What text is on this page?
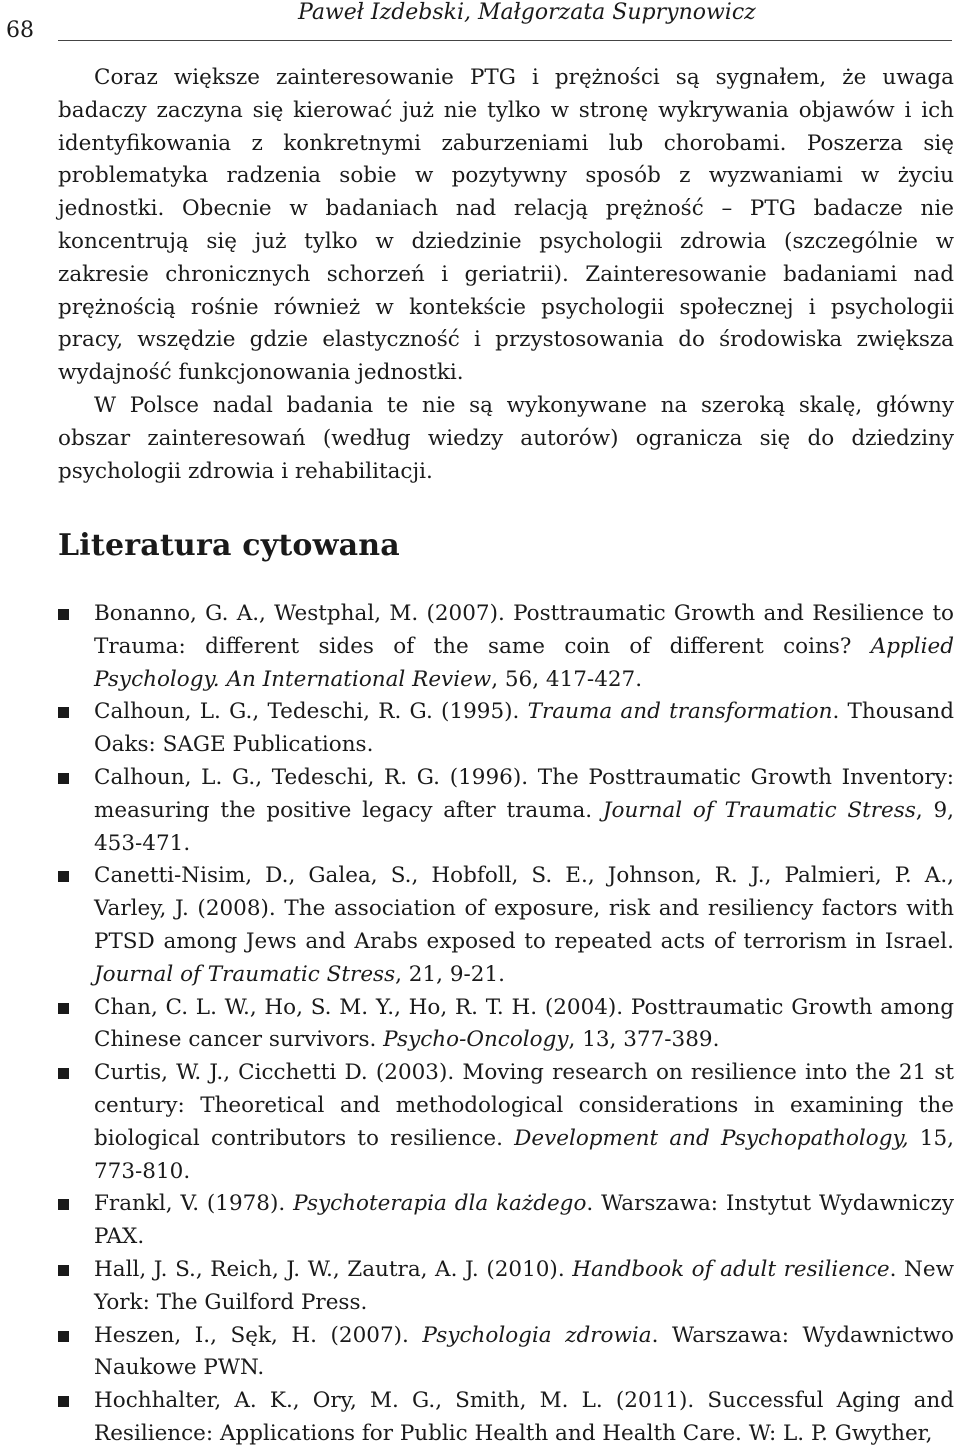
68
Paweł Izdebski, Małgorzata Suprynowicz

Coraz większe zainteresowanie PTG i prężności są sygnałem, że uwaga badaczy zaczyna się kierować już nie tylko w stronę wykrywania objawów i ich identyfikowania z konkretnymi zaburzeniami lub chorobami. Poszerza się problematyka radzenia sobie w pozytywny sposób z wyzwaniami w życiu jednostki. Obecnie w badaniach nad relacją prężność – PTG badacze nie koncentrują się już tylko w dziedzinie psychologii zdrowia (szczególnie w zakresie chronicznych schorzeń i geriatrii). Zainteresowanie badaniami nad prężnością rośnie również w kontekście psychologii społecznej i psychologii pracy, wszędzie gdzie elastyczność i przystosowania do środowiska zwiększa wydajność funkcjonowania jednostki.

W Polsce nadal badania te nie są wykonywane na szeroką skalę, główny obszar zainteresowań (według wiedzy autorów) ogranicza się do dziedziny psychologii zdrowia i rehabilitacji.

Literatura cytowana
Bonanno, G. A., Westphal, M. (2007). Posttraumatic Growth and Resilience to Trauma: different sides of the same coin of different coins? Applied Psychology. An International Review, 56, 417-427.
Calhoun, L. G., Tedeschi, R. G. (1995). Trauma and transformation. Thousand Oaks: SAGE Publications.
Calhoun, L. G., Tedeschi, R. G. (1996). The Posttraumatic Growth Inventory: measuring the positive legacy after trauma. Journal of Traumatic Stress, 9, 453-471.
Canetti-Nisim, D., Galea, S., Hobfoll, S. E., Johnson, R. J., Palmieri, P. A., Varley, J. (2008). The association of exposure, risk and resiliency factors with PTSD among Jews and Arabs exposed to repeated acts of terrorism in Israel. Journal of Traumatic Stress, 21, 9-21.
Chan, C. L. W., Ho, S. M. Y., Ho, R. T. H. (2004). Posttraumatic Growth among Chinese cancer survivors. Psycho-Oncology, 13, 377-389.
Curtis, W. J., Cicchetti D. (2003). Moving research on resilience into the 21 st century: Theoretical and methodological considerations in examining the biological contributors to resilience. Development and Psychopathology, 15, 773-810.
Frankl, V. (1978). Psychoterapia dla każdego. Warszawa: Instytut Wydawniczy PAX.
Hall, J. S., Reich, J. W., Zautra, A. J. (2010). Handbook of adult resilience. New York: The Guilford Press.
Heszen, I., Sęk, H. (2007). Psychologia zdrowia. Warszawa: Wydawnictwo Naukowe PWN.
Hochhalter, A. K., Ory, M. G., Smith, M. L. (2011). Successful Aging and Resilience: Applications for Public Health and Health Care. W: L. P. Gwyther,
